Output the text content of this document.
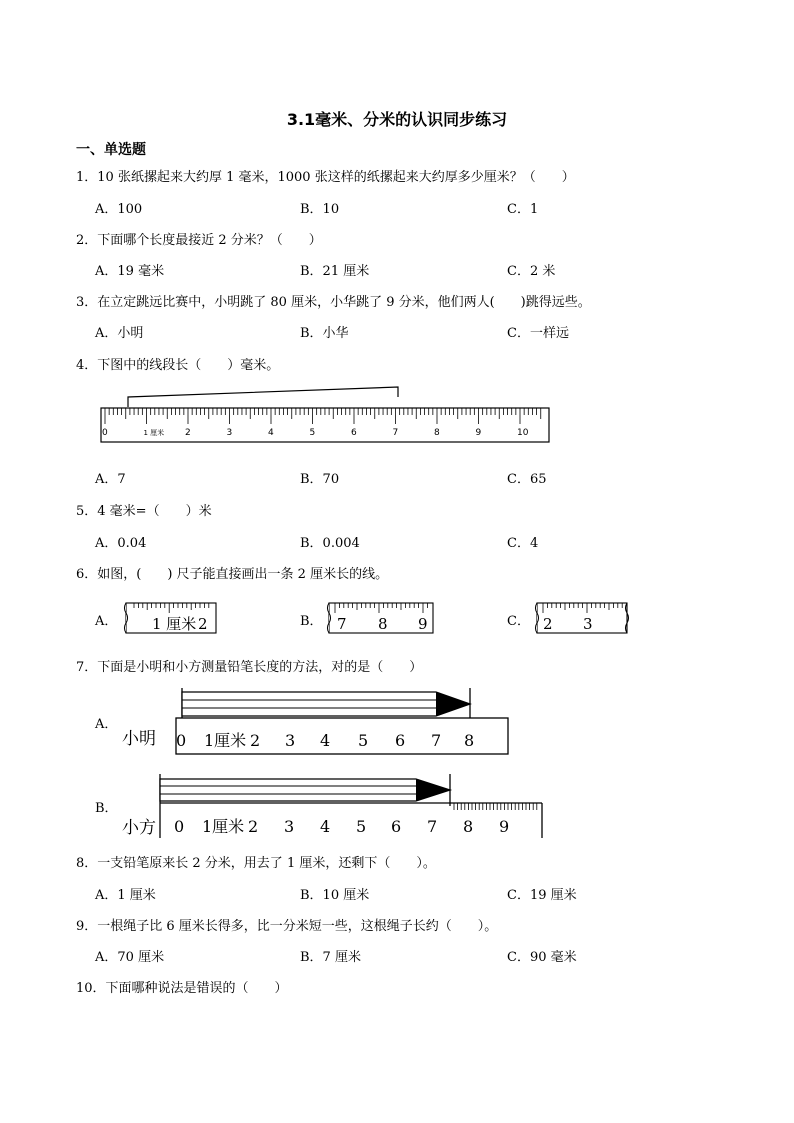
3.1毫米、分米的认识同步练习
一、单选题
1．10 张纸摞起来大约厚 1 毫米，1000 张这样的纸摞起来大约厚多少厘米？（　　）
A．100	B．10	C．1
2．下面哪个长度最接近 2 分米？（　　）
A．19 毫米	B．21 厘米	C．2 米
3．在立定跳远比赛中，小明跳了 80 厘米，小华跳了 9 分米，他们两人(　　)跳得远些。
A．小明	B．小华	C．一样远
4．下图中的线段长（　　）毫米。
0	1 厘米 2	3	4	5	6	7	8	9	10
A．7	B．70	C．65
5．4 毫米=（　　）米
A．0.04	B．0.004	C．4
6．如图，(　　) 尺子能直接画出一条 2 厘米长的线。
A．	B．	C．
1 厘米 2	7 8 9	2 3
7．下面是小明和小方测量铅笔长度的方法，对的是（　　）
A．
B．
小明 0 1厘米 2 3 4 5 6 7 8
小方 0 1厘米 2 3 4 5 6 7 8 9
8．一支铅笔原来长 2 分米，用去了 1 厘米，还剩下（　　）。
A．1 厘米	B．10 厘米	C．19 厘米
9．一根绳子比 6 厘米长得多，比一分米短一些，这根绳子长约（　　）。
A．70 厘米	B．7 厘米	C．90 毫米
10．下面哪种说法是错误的（　　）
